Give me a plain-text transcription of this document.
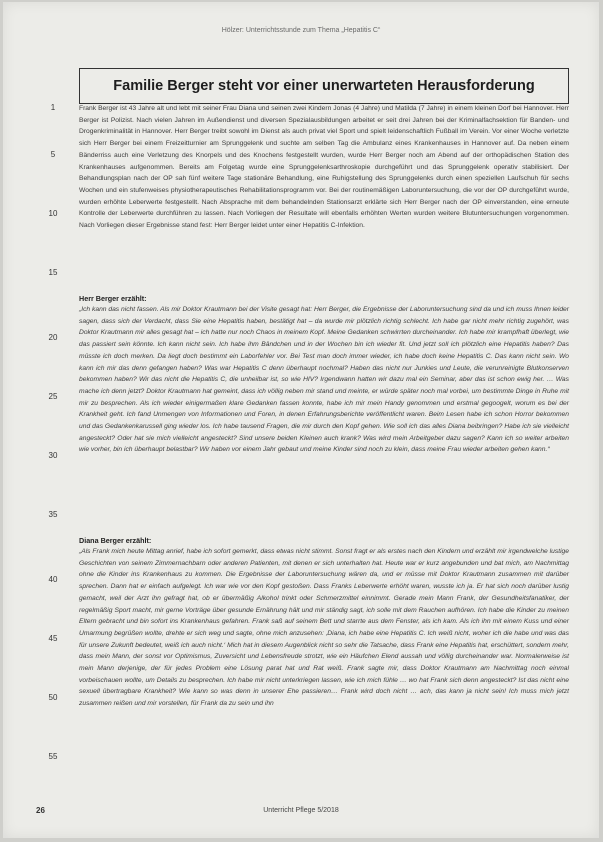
Hölzer: Unterrichtsstunde zum Thema „Hepatitis C“
Familie Berger steht vor einer unerwarteten Herausforderung
1
5
10
15
20
25
30
35
40
45
50
55

Frank Berger ist 43 Jahre alt und lebt mit seiner Frau Diana und seinen zwei Kindern Jonas (4 Jahre) und Matilda (7 Jahre) in einem kleinen Dorf bei Hannover. Herr Berger ist Polizist. Nach vielen Jahren im Außendienst und diversen Spezialausbildungen arbeitet er seit drei Jahren bei der Kriminalfachsektion für Banden- und Drogenkriminalität in Hannover. Herr Berger treibt sowohl im Dienst als auch privat viel Sport und spielt leidenschaftlich Fußball im Verein. Vor einer Woche verletzte sich Herr Berger bei einem Freizeitturnier am Sprunggelenk und suchte am selben Tag die Ambulanz eines Krankenhauses in Hannover auf. Da neben einem Bänderriss auch eine Verletzung des Knorpels und des Knochens festgestellt wurden, wurde Herr Berger noch am Abend auf der orthopädischen Station des Krankenhauses aufgenommen. Bereits am Folgetag wurde eine Sprunggelenksarthroskopie durchgeführt und das Sprunggelenk operativ stabilisiert. Der Behandlungsplan nach der OP sah fünf weitere Tage stationäre Behandlung, eine Ruhigstellung des Sprunggelenks durch einen speziellen Laufschuh für sechs Wochen und ein stufenweises physiotherapeutisches Rehabilitationsprogramm vor. Bei der routinemäßigen Laboruntersuchung, die vor der OP durchgeführt wurde, wurden erhöhte Leberwerte festgestellt. Nach Absprache mit dem behandelnden Stationsarzt erklärte sich Herr Berger nach der OP einverstanden, eine erneute Kontrolle der Leberwerte durchführen zu lassen. Nach Vorliegen der Resultate will ebenfalls erhöhten Werten wurden weitere Blutuntersuchungen vorgenommen. Nach Vorliegen dieser Ergebnisse stand fest: Herr Berger leidet unter einer Hepatitis C-Infektion.

Herr Berger erzählt:

„Ich kann das nicht fassen. Als mir Doktor Krautmann bei der Visite gesagt hat: Herr Berger, die Ergebnisse der Laboruntersuchung sind da und ich muss Ihnen leider sagen, dass sich der Verdacht, dass Sie eine Hepatitis haben, bestätigt hat – da wurde mir plötzlich richtig schlecht. Ich habe gar nicht mehr richtig zugehört, was Doktor Krautmann mir alles gesagt hat – ich hatte nur noch Chaos in meinem Kopf. Meine Gedanken schwirrten durcheinander. Ich habe mir krampfhaft überlegt, wie das passiert sein könnte. Ich kann nicht sein. Ich habe ihm Bändchen und in der Wochen bin ich wieder fit. Und jetzt soll ich plötzlich eine Hepatitis haben? Das müsste ich doch merken. Da liegt doch bestimmt ein Laborfehler vor. Bei Test man doch immer wieder, ich habe doch keine Hepatitis C. Das kann nicht sein. Wo kann ich mir das denn gefangen haben? Was war Hepatitis C denn überhaupt nochmal? Haben das nicht nur Junkies und Leute, die verunreinigte Blutkonserven bekommen haben? Wir das nicht die Hepatitis C, die unheilbar ist, so wie HIV? Irgendwann hatten wir dazu mal ein Seminar, aber das ist schon ewig her. … Was mache ich denn jetzt? Doktor Krautmann hat gemeint, dass ich völlig neben mir stand und meinte, er würde später noch mal vorbei, um bestimmte Dinge in Ruhe mit mir zu besprechen. Als ich wieder einigermaßen klare Gedanken fassen konnte, habe ich mir mein Handy genommen und erstmal gegoogelt, worum es bei der Krankheit geht. Ich fand Unmengen von Informationen und Foren, in denen Erfahrungsberichte veröffentlicht waren. Beim Lesen habe ich schon Horror bekommen und das Gedankenkarussell ging wieder los. Ich habe tausend Fragen, die mir durch den Kopf gehen. Wie soll ich das alles Diana beibringen? Habe ich sie vielleicht angesteckt? Oder hat sie mich vielleicht angesteckt? Sind unsere beiden Kleinen auch krank? Was wird mein Arbeitgeber dazu sagen? Kann ich so weiter arbeiten wie vorher, bin ich überhaupt belastbar? Wir haben vor einem Jahr gebaut und meine Kinder sind noch zu klein, dass meine Frau wieder arbeiten gehen kann.“

Diana Berger erzählt:

„Als Frank mich heute Mittag anrief, habe ich sofort gemerkt, dass etwas nicht stimmt. Sonst fragt er als erstes nach den Kindern und erzählt mir irgendwelche lustige Geschichten von seinem Zimmernachbarn oder anderen Patienten, mit denen er sich unterhalten hat. Heute war er kurz angebunden und bat mich, am Nachmittag ohne die Kinder ins Krankenhaus zu kommen. Die Ergebnisse der Laboruntersuchung wären da, und er müsse mit Doktor Krautmann zusammen mit darüber sprechen. Dann hat er einfach aufgelegt. Ich war wie vor den Kopf gestoßen. Dass Franks Leberwerte erhöht waren, wusste ich ja. Er hat sich noch darüber lustig gemacht, weil der Arzt ihn gefragt hat, ob er übermäßig Alkohol trinkt oder Schmerzmittel einnimmt. Gerade mein Mann Frank, der Gesundheitsfanatiker, der regelmäßig Sport macht, mir gerne Vorträge über gesunde Ernährung hält und mir ständig sagt, ich solle mit dem Rauchen aufhören. Ich habe die Kinder zu meinen Eltern gebracht und bin sofort ins Krankenhaus gefahren. Frank saß auf seinem Bett und starrte aus dem Fenster, als ich kam. Als ich ihn mit einem Kuss und einer Umarmung begrüßen wollte, drehte er sich weg und sagte, ohne mich anzusehen: ‚Diana, ich habe eine Hepatitis C. Ich weiß nicht, woher ich die habe und was das für unsere Zukunft bedeutet, weiß ich auch nicht.‘ Mich hat in diesem Augenblick nicht so sehr die Tatsache, dass Frank eine Hepatitis hat, erschüttert, sondern mehr, dass mein Mann, der sonst vor Optimismus, Zuversicht und Lebensfreude strotzt, wie ein Häufchen Elend aussah und völlig durcheinander war. Normalerweise ist mein Mann derjenige, der für jedes Problem eine Lösung parat hat und Rat weiß. Frank sagte mir, dass Doktor Krautmann am Nachmittag noch einmal vorbeischauen wollte, um Details zu besprechen. Ich habe mir nicht unterkriegen lassen, wie ich mich fühle … wo hat Frank sich denn angesteckt? Ist das nicht eine sexuell übertragbare Krankheit? Wie kann so was denn in unserer Ehe passieren… Frank wird doch nicht … ach, das kann ja nicht sein! Ich muss mich jetzt zusammen reißen und mir vorstellen, für Frank da zu sein und ihn

26	Unterricht Pflege 5/2018
